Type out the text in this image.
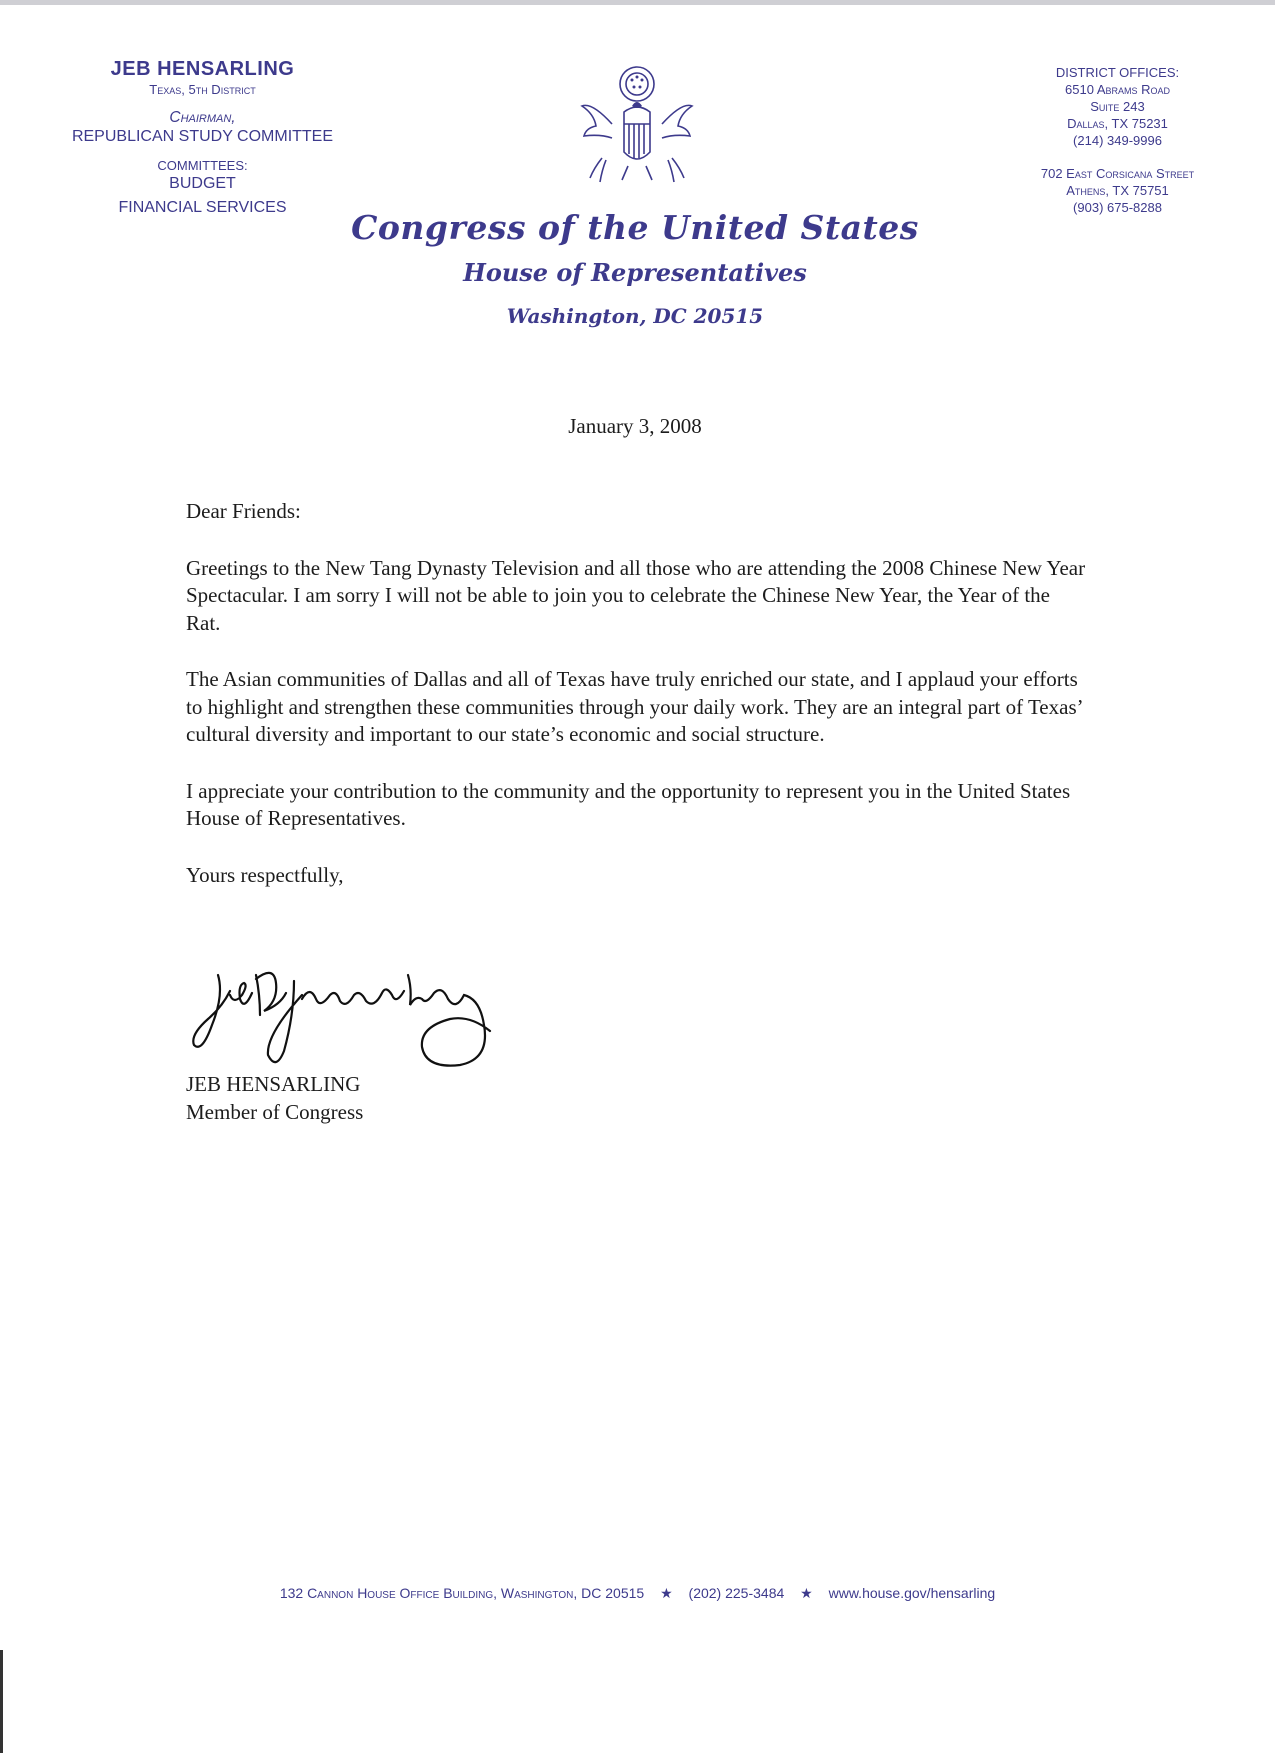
JEB HENSARLING
Texas, 5th District
Chairman,
REPUBLICAN STUDY COMMITTEE
COMMITTEES:
BUDGET
FINANCIAL SERVICES
DISTRICT OFFICES:
6510 Abrams Road
Suite 243
Dallas, TX 75231
(214) 349-9996
702 East Corsicana Street
Athens, TX 75751
(903) 675-8288
Congress of the United States
House of Representatives
Washington, DC 20515
January 3, 2008

Dear Friends:

Greetings to the New Tang Dynasty Television and all those who are attending the 2008 Chinese New Year Spectacular. I am sorry I will not be able to join you to celebrate the Chinese New Year, the Year of the Rat.

The Asian communities of Dallas and all of Texas have truly enriched our state, and I applaud your efforts to highlight and strengthen these communities through your daily work. They are an integral part of Texas’ cultural diversity and important to our state’s economic and social structure.

I appreciate your contribution to the community and the opportunity to represent you in the United States House of Representatives.

Yours respectfully,

JEB HENSARLING
Member of Congress
132 Cannon House Office Building, Washington, DC 20515 ★ (202) 225-3484 ★ www.house.gov/hensarling
